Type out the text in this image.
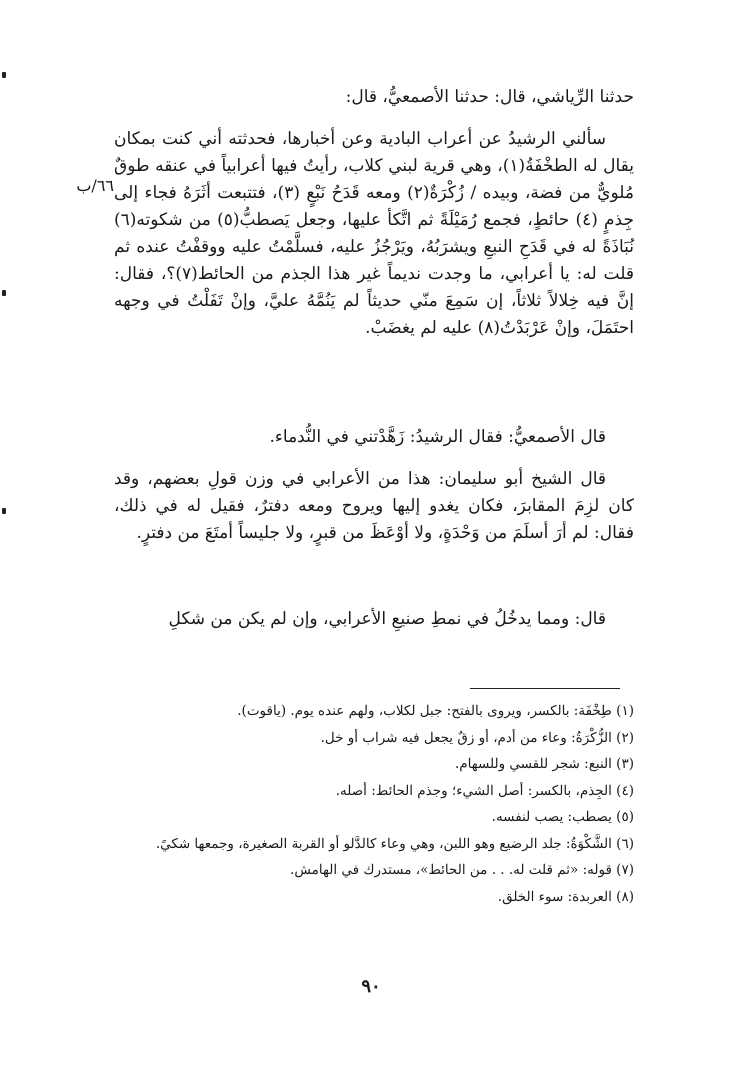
حدثنا الرِّياشي، قال: حدثنا الأصمعيُّ، قال:

سألني الرشيدُ عن أعراب البادية وعن أخبارها، فحدثته أني كنت بمكان يقال له الطخْفَةُ(١)، وهي قرية لبني كلاب، رأيتُ فيها أعرابياً في عنقه طوقٌ مُلويٌّ من فضة، وبيده / زُكْرَةٌ(٢) ومعه قَدَحُ نَبْعٍ (٣)، فتتبعت أثَرَهُ فجاء إلى جِذمٍ (٤) حائطٍ، فجمع رُمَيْلَةً ثم اتَّكأ عليها، وجعل يَصطبُّ(٥) من شكوته(٦) نُبَاذَةً له في قَدَحِ النبعِ ويشرَبُهُ، ويَرْجُزُ عليه، فسلَّمْتُ عليه ووقفْتُ عنده ثم قلت له: يا أعرابي، ما وجدت نديماً غير هذا الجذم من الحائط(٧)؟، فقال: إنَّ فيه خِلالاً ثلاثاً، إن سَمِعَ منّي حديثاً لم يَنُمَّهُ عليَّ، وإنْ تَفَلْتُ في وجهه احتَمَلَ، وإنْ عَرْبَدْتُ(٨) عليه لم يغضَبْ.

٦٦/ب

قال الأصمعيُّ: فقال الرشيدُ: زَهَّدْتني في النُّدماء.

قال الشيخ أبو سليمان: هذا من الأعرابي في وزن قولِ بعضهم، وقد كان لزِمَ المقابرَ، فكان يغدو إليها ويروح ومعه دفترٌ، فقيل له في ذلك، فقال: لم أرَ أسلَمَ من وَحْدَةٍ، ولا أوْعَظَ من قبرٍ، ولا جليساً أمتَعَ من دفترٍ.

قال: ومما يدخُلُ في نمطِ صنيعِ الأعرابي، وإن لم يكن من شكلِ

(١) طِخْفَة: بالكسر، ويروى بالفتح: جبل لكلاب، ولهم عنده يوم. (ياقوت).

(٢) الزُّكْرَةُ: وعاء من أدم، أو زقٌ يجعل فيه شراب أو خل.

(٣) النبع: شجر للقسي وللسهام.

(٤) الجِذم، بالكسر: أصل الشيء؛ وجذم الحائط: أصله.

(٥) يصطب: يصب لنفسه.

(٦) الشَّكْوَةُ: جلد الرضيع وهو اللبن، وهي وعاء كالدَّلو أو القربة الصغيرة، وجمعها شكيً.

(٧) قوله: «ثم قلت له. . . من الحائط»، مستدرك في الهامش.

(٨) العربدة: سوء الخلق.

٩٠
